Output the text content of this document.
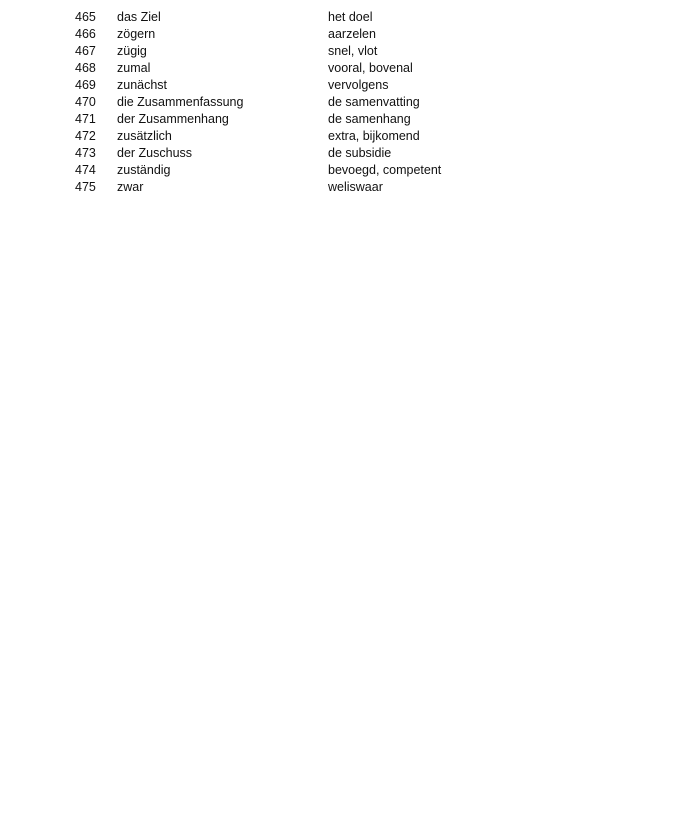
465	das Ziel	het doel
466	zögern	aarzelen
467	zügig	snel, vlot
468	zumal	vooral, bovenal
469	zunächst	vervolgens
470	die Zusammenfassung	de samenvatting
471	der Zusammenhang	de samenhang
472	zusätzlich	extra, bijkomend
473	der Zuschuss	de subsidie
474	zuständig	bevoegd, competent
475	zwar	weliswaar
